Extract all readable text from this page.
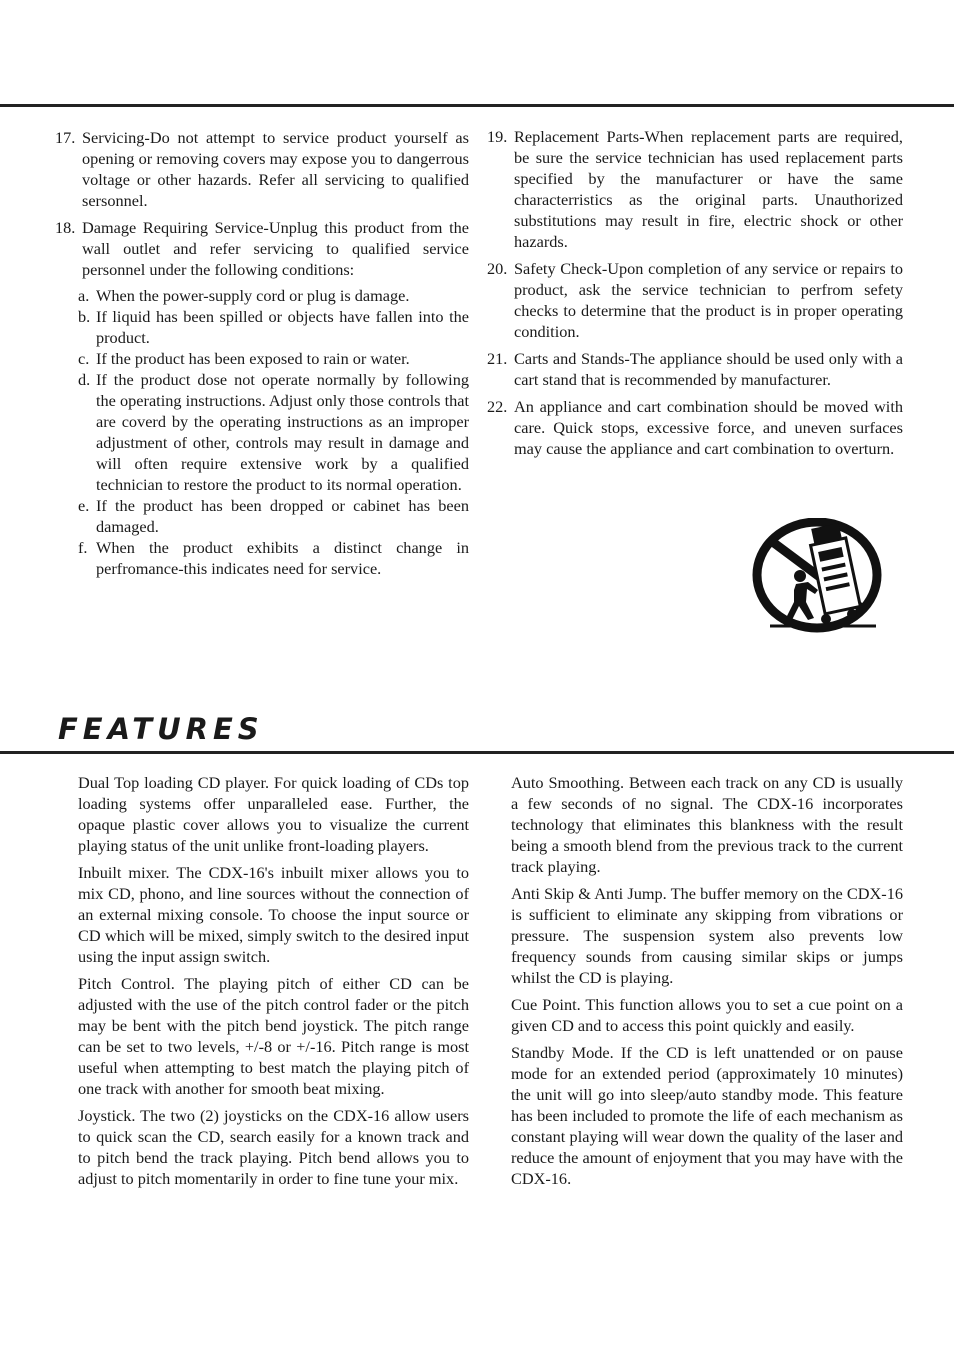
17. Servicing-Do not attempt to service product yourself as opening or removing covers may expose you to dangerrous voltage or other hazards. Refer all servicing to qualified sersonnel.
18. Damage Requiring Service-Unplug this product from the wall outlet and refer servicing to qualified service personnel under the following conditions:
a. When the power-supply cord or plug is damage.
b. If liquid has been spilled or objects have fallen into the product.
c. If the product has been exposed to rain or water.
d. If the product dose not operate normally by following the operating instructions. Adjust only those controls that are coverd by the operating instructions as an improper adjustment of other, controls may result in damage and will often require extensive work by a qualified technician to restore the product to its normal operation.
e. If the product has been dropped or cabinet has been damaged.
f. When the product exhibits a distinct change in perfromance-this indicates need for service.
19. Replacement Parts-When replacement parts are required, be sure the service technician has used replacement parts specified by the manufacturer or have the same characterristics as the original parts. Unauthorized substitutions may result in fire, electric shock or other hazards.
20. Safety Check-Upon completion of any service or repairs to product, ask the service technician to perfrom sefety checks to determine that the product is in proper operating condition.
21. Carts and Stands-The appliance should be used only with a cart stand that is recommended by manufacturer.
22. An appliance and cart combination should be moved with care. Quick stops, excessive force, and uneven surfaces may cause the appliance and cart combination to overturn.
FEATURES

Dual Top loading CD player. For quick loading of CDs top loading systems offer unparalleled ease. Further, the opaque plastic cover allows you to visualize the current playing status of the unit unlike front-loading players.

Inbuilt mixer. The CDX-16's inbuilt mixer allows you to mix CD, phono, and line sources without the connection of an external mixing console. To choose the input source or CD which will be mixed, simply switch to the desired input using the input assign switch.

Pitch Control. The playing pitch of either CD can be adjusted with the use of the pitch control fader or the pitch may be bent with the pitch bend joystick. The pitch range can be set to two levels, +/-8 or +/-16. Pitch range is most useful when attempting to best match the playing pitch of one track with another for smooth beat mixing.

Joystick. The two (2) joysticks on the CDX-16 allow users to quick scan the CD, search easily for a known track and to pitch bend the track playing. Pitch bend allows you to adjust to pitch momentarily in order to fine tune your mix.

Auto Smoothing. Between each track on any CD is usually a few seconds of no signal. The CDX-16 incorporates technology that eliminates this blankness with the result being a smooth blend from the previous track to the current track playing.

Anti Skip & Anti Jump. The buffer memory on the CDX-16 is sufficient to eliminate any skipping from vibrations or pressure. The suspension system also prevents low frequency sounds from causing similar skips or jumps whilst the CD is playing.

Cue Point. This function allows you to set a cue point on a given CD and to access this point quickly and easily.

Standby Mode. If the CD is left unattended or on pause mode for an extended period (approximately 10 minutes) the unit will go into sleep/auto standby mode. This feature has been included to promote the life of each mechanism as constant playing will wear down the quality of the laser and reduce the amount of enjoyment that you may have with the CDX-16.
